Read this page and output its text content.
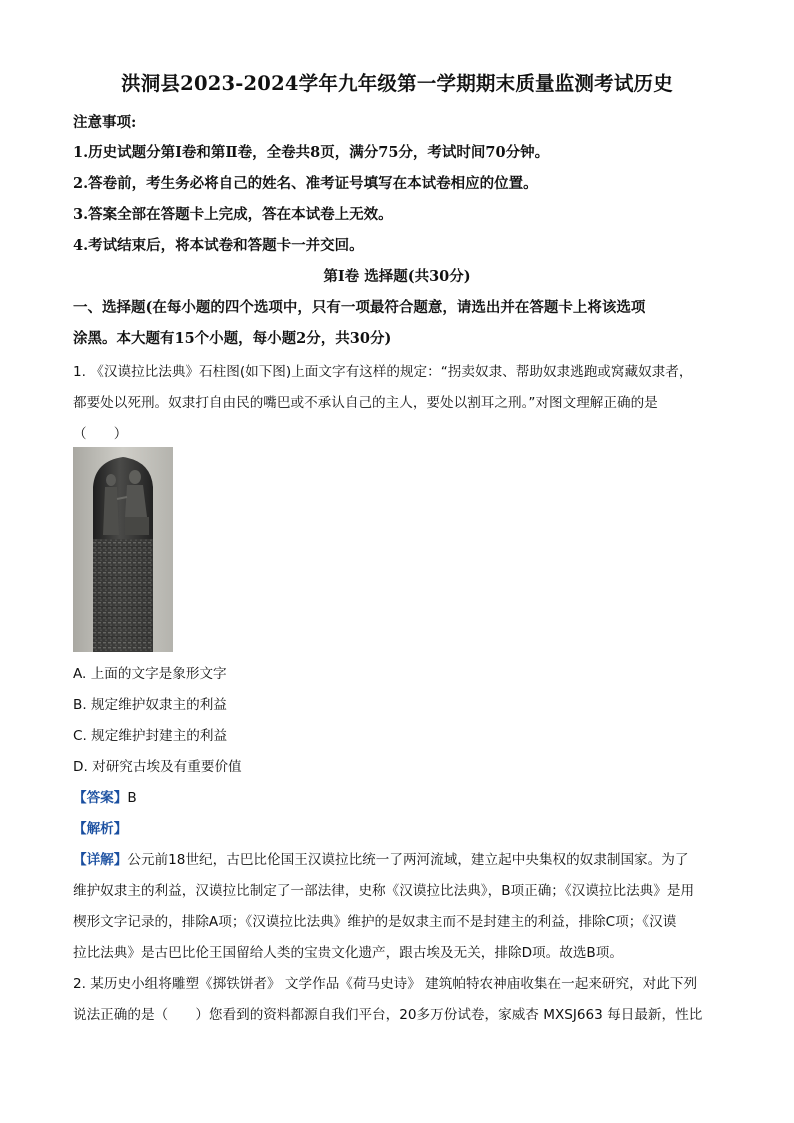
洪洞县2023-2024学年九年级第一学期期末质量监测考试历史
注意事项:
1.历史试题分第Ⅰ卷和第Ⅱ卷，全卷共8页，满分75分，考试时间70分钟。
2.答卷前，考生务必将自己的姓名、准考证号填写在本试卷相应的位置。
3.答案全部在答题卡上完成，答在本试卷上无效。
4.考试结束后，将本试卷和答题卡一并交回。
第Ⅰ卷 选择题(共30分)
一、选择题(在每小题的四个选项中，只有一项最符合题意，请选出并在答题卡上将该选项
涂黑。本大题有15个小题，每小题2分，共30分)
1. 《汉谟拉比法典》石柱图(如下图)上面文字有这样的规定：“拐卖奴隶、帮助奴隶逃跑或窝藏奴隶者，
都要处以死刑。奴隶打自由民的嘴巴或不承认自己的主人，要处以割耳之刑。”对图文理解正确的是
（　　）
A. 上面的文字是象形文字
B. 规定维护奴隶主的利益
C. 规定维护封建主的利益
D. 对研究古埃及有重要价值
【答案】B
【解析】
【详解】公元前18世纪，古巴比伦国王汉谟拉比统一了两河流域，建立起中央集权的奴隶制国家。为了
维护奴隶主的利益，汉谟拉比制定了一部法律，史称《汉谟拉比法典》，B项正确；《汉谟拉比法典》是用
楔形文字记录的，排除A项；《汉谟拉比法典》维护的是奴隶主而不是封建主的利益，排除C项；《汉谟
拉比法典》是古巴比伦王国留给人类的宝贵文化遗产，跟古埃及无关，排除D项。故选B项。
2. 某历史小组将雕塑《掷铁饼者》 文学作品《荷马史诗》 建筑帕特农神庙收集在一起来研究，对此下列
说法正确的是（　　）您看到的资料都源自我们平台，20多万份试卷，家威杏 MXSJ663 每日最新，性比
